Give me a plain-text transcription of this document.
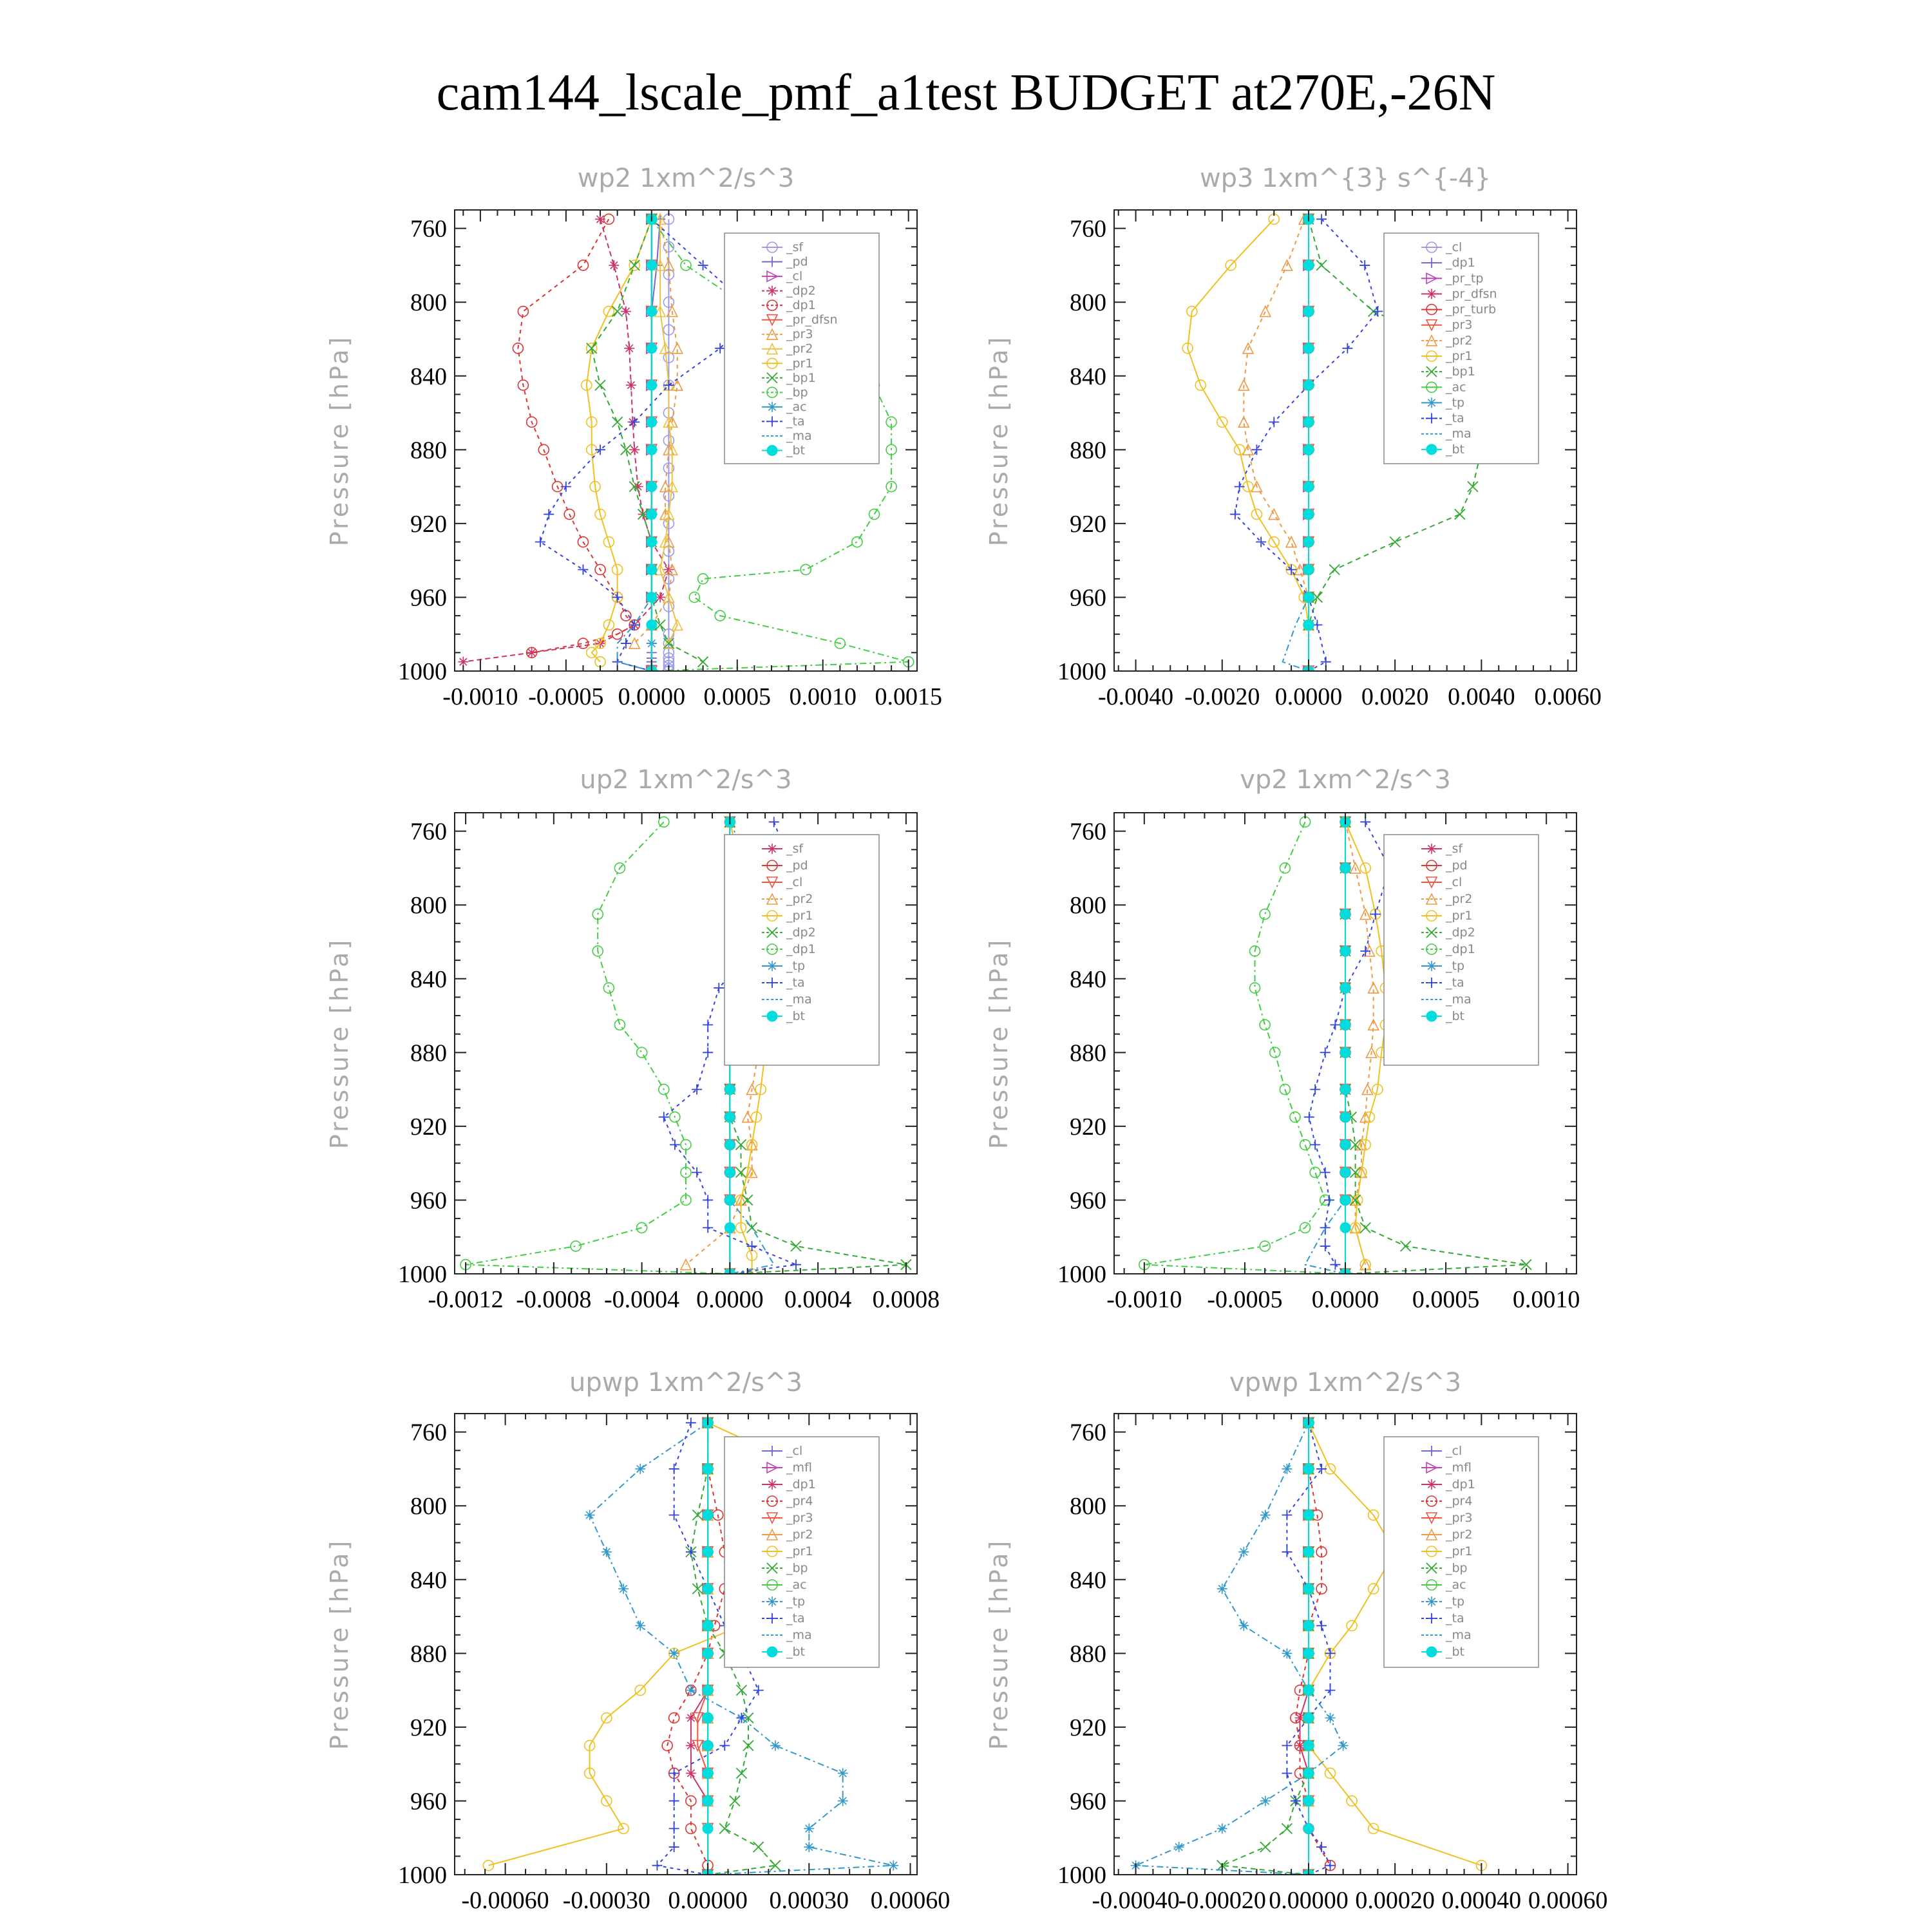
cam144_lscale_pmf_a1test BUDGET at270E,-26N
wp2 1xm^2/s^3
Pressure [hPa]
760
800
840
880
920
960
1000
-0.0010 -0.0005 0.0000 0.0005 0.0010 0.0015
_sf
_pd
_cl
_dp2
_dp1
_pr_dfsn
_pr3
_pr2
_pr1
_bp1
_bp
_ac
_ta
_ma
_bt
wp3 1xm^{3} s^{-4}
Pressure [hPa]
760
800
840
880
920
960
1000
-0.0040 -0.0020 0.0000 0.0020 0.0040 0.0060
_cl
_dp1
_pr_tp
_pr_dfsn
_pr_turb
_pr3
_pr2
_pr1
_bp1
_ac
_tp
_ta
_ma
_bt
up2 1xm^2/s^3
Pressure [hPa]
760
800
840
880
920
960
1000
-0.0012 -0.0008 -0.0004 0.0000 0.0004 0.0008
_sf
_pd
_cl
_pr2
_pr1
_dp2
_dp1
_tp
_ta
_ma
_bt
vp2 1xm^2/s^3
Pressure [hPa]
760
800
840
880
920
960
1000
-0.0010 -0.0005 0.0000 0.0005 0.0010
_sf
_pd
_cl
_pr2
_pr1
_dp2
_dp1
_tp
_ta
_ma
_bt
upwp 1xm^2/s^3
Pressure [hPa]
760
800
840
880
920
960
1000
-0.00060 -0.00030 0.00000 0.00030 0.00060
_cl
_mfl
_dp1
_pr4
_pr3
_pr2
_pr1
_bp
_ac
_tp
_ta
_ma
_bt
vpwp 1xm^2/s^3
Pressure [hPa]
760
800
840
880
920
960
1000
-0.00040
-0.00020 0.00000 0.00020 0.00040 0.00060
_cl
_mfl
_dp1
_pr4
_pr3
_pr2
_pr1
_bp
_ac
_tp
_ta
_ma
_bt
